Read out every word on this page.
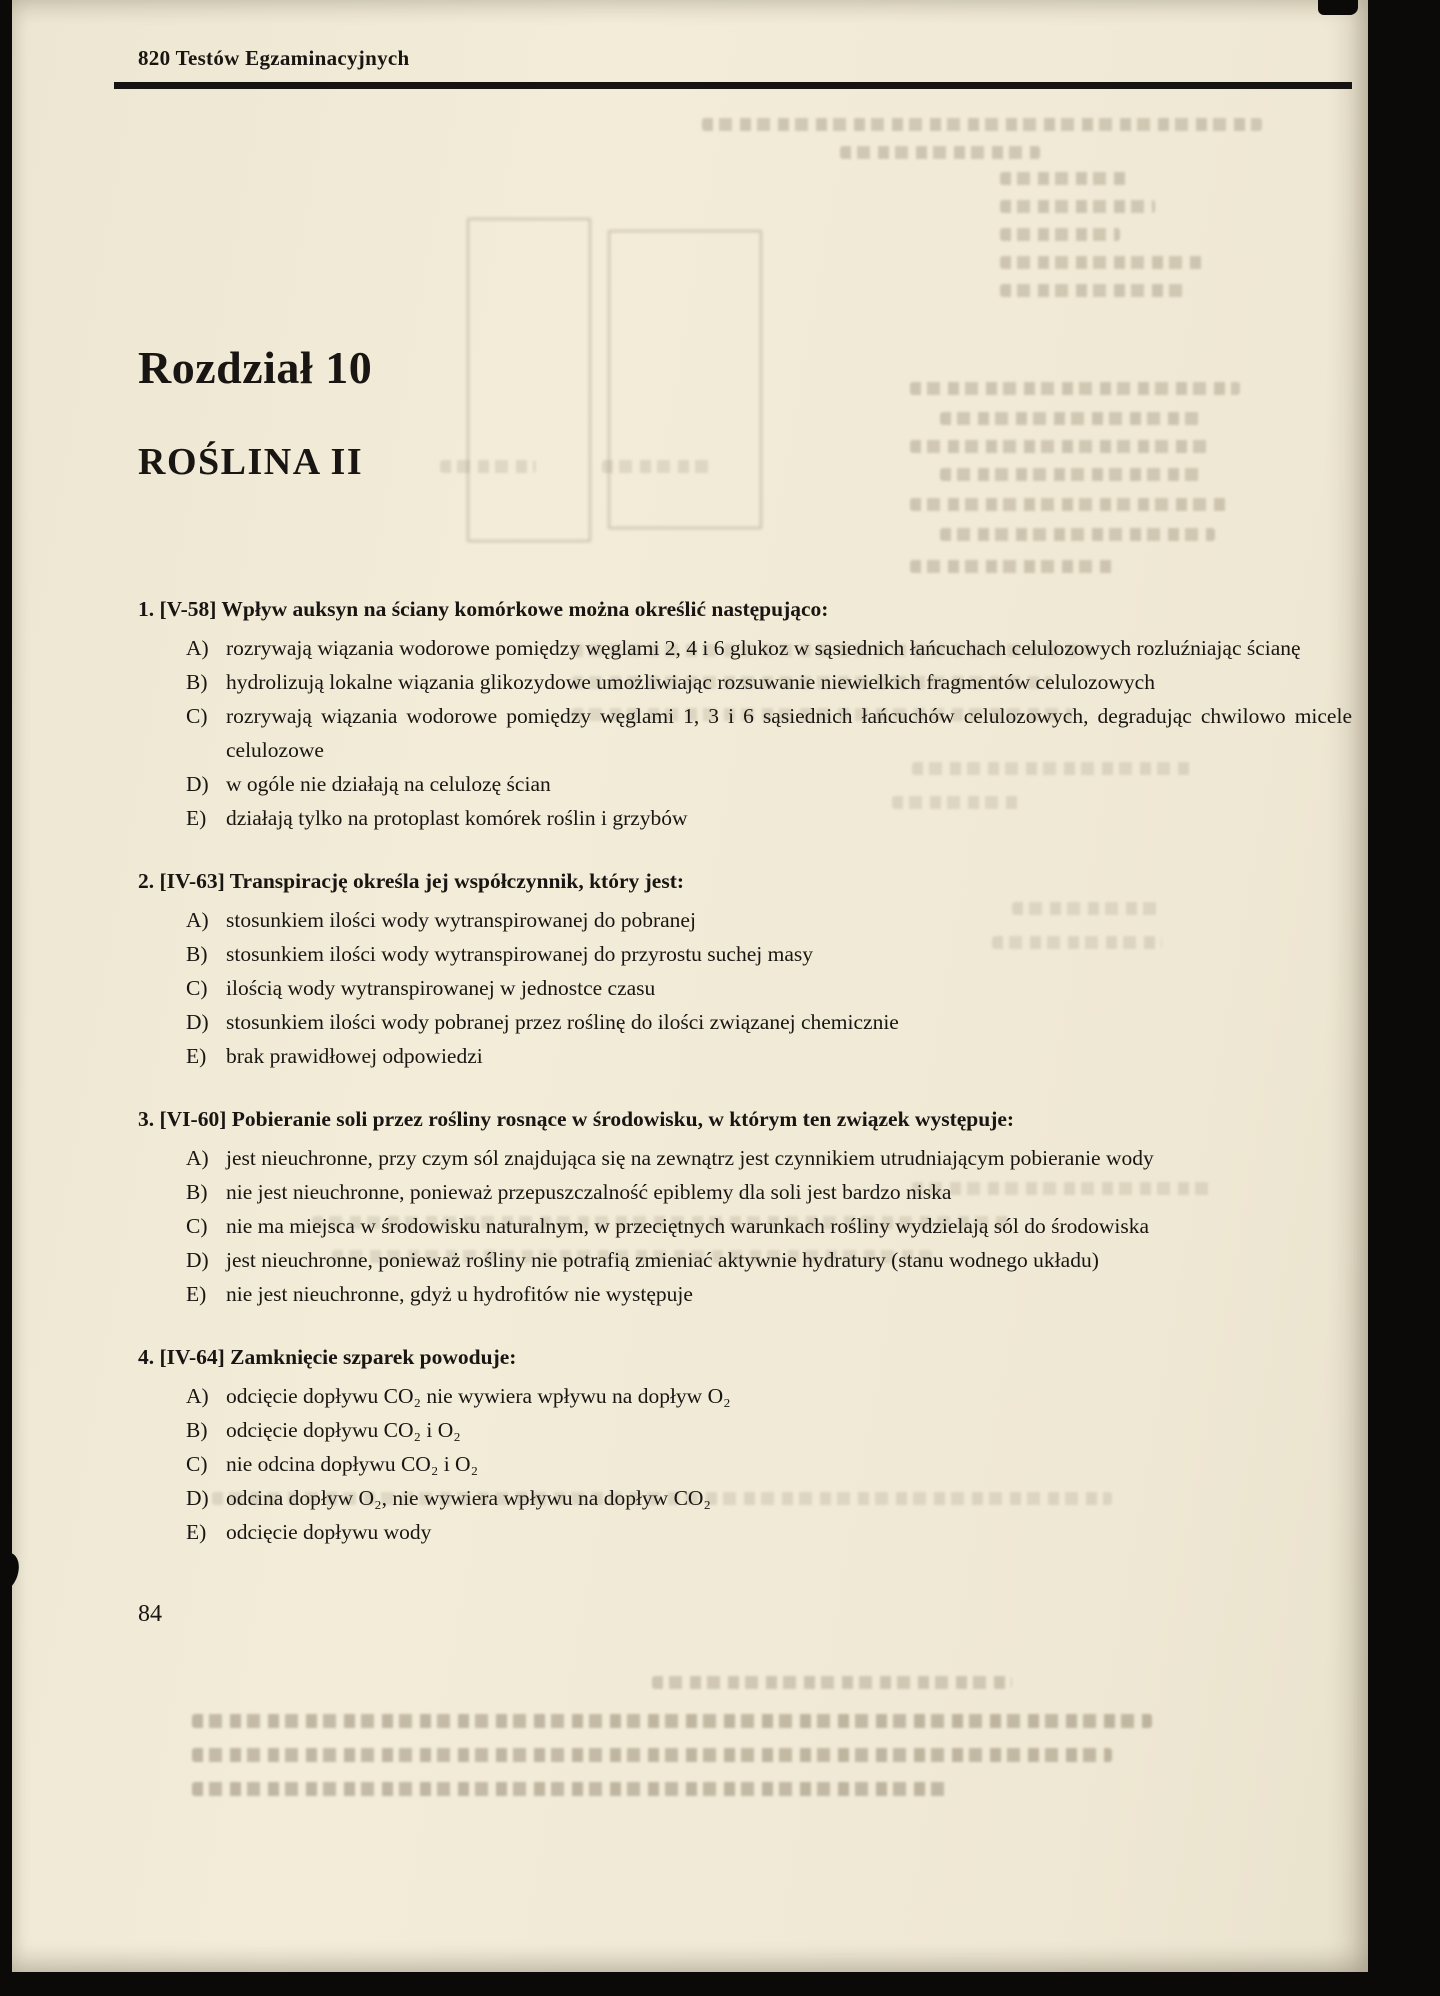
820 Testów Egzaminacyjnych
Rozdział 10
ROŚLINA II

1. [V-58] Wpływ auksyn na ściany komórkowe można określić następująco:

A) rozrywają wiązania wodorowe pomiędzy węglami 2, 4 i 6 glukoz w sąsiednich łańcuchach celulozowych rozluźniając ścianę

B) hydrolizują lokalne wiązania glikozydowe umożliwiając rozsuwanie niewielkich fragmentów celulozowych

C) rozrywają wiązania wodorowe pomiędzy węglami 1, 3 i 6 sąsiednich łańcuchów celulozowych, degradując chwilowo micele celulozowe

D) w ogóle nie działają na celulozę ścian

E) działają tylko na protoplast komórek roślin i grzybów

2. [IV-63] Transpirację określa jej współczynnik, który jest:

A) stosunkiem ilości wody wytranspirowanej do pobranej

B) stosunkiem ilości wody wytranspirowanej do przyrostu suchej masy

C) ilością wody wytranspirowanej w jednostce czasu

D) stosunkiem ilości wody pobranej przez roślinę do ilości związanej chemicznie

E) brak prawidłowej odpowiedzi

3. [VI-60] Pobieranie soli przez rośliny rosnące w środowisku, w którym ten związek występuje:

A) jest nieuchronne, przy czym sól znajdująca się na zewnątrz jest czynnikiem utrudniającym pobieranie wody

B) nie jest nieuchronne, ponieważ przepuszczalność epiblemy dla soli jest bardzo niska

C) nie ma miejsca w środowisku naturalnym, w przeciętnych warunkach rośliny wydzielają sól do środowiska

D) jest nieuchronne, ponieważ rośliny nie potrafią zmieniać aktywnie hydratury (stanu wodnego układu)

E) nie jest nieuchronne, gdyż u hydrofitów nie występuje

4. [IV-64] Zamknięcie szparek powoduje:

A) odcięcie dopływu CO₂ nie wywiera wpływu na dopływ O₂

B) odcięcie dopływu CO₂ i O₂

C) nie odcina dopływu CO₂ i O₂

D) odcina dopływ O₂, nie wywiera wpływu na dopływ CO₂

E) odcięcie dopływu wody

84
